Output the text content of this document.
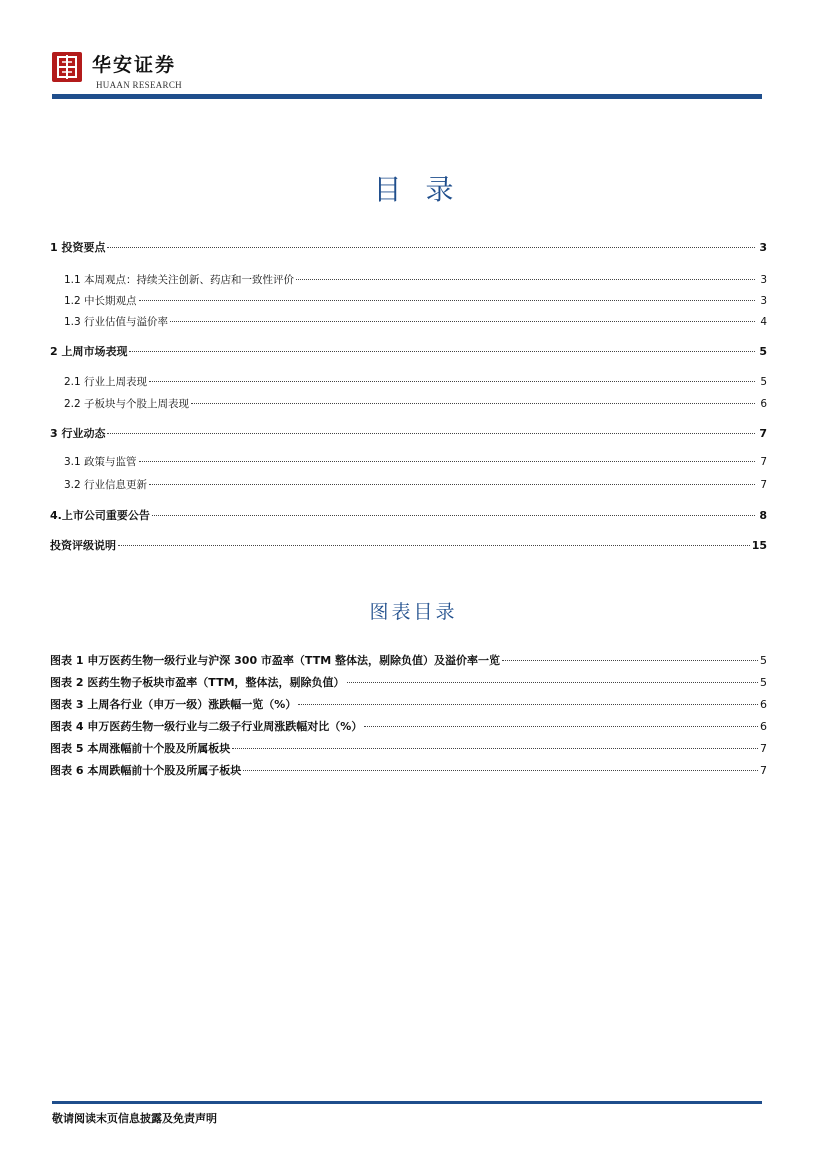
华安证券
HUAAN RESEARCH
目录
1 投资要点	3
1.1 本周观点：持续关注创新、药店和一致性评价	3
1.2 中长期观点	3
1.3 行业估值与溢价率	4
2 上周市场表现	5
2.1 行业上周表现	5
2.2 子板块与个股上周表现	6
3 行业动态	7
3.1 政策与监管	7
3.2 行业信息更新	7
4.上市公司重要公告	8
投资评级说明	15
图表目录
图表 1 申万医药生物一级行业与沪深 300 市盈率（TTM 整体法，剔除负值）及溢价率一览	5
图表 2 医药生物子板块市盈率（TTM，整体法，剔除负值）	5
图表 3 上周各行业（申万一级）涨跌幅一览（%）	6
图表 4 申万医药生物一级行业与二级子行业周涨跌幅对比（%）	6
图表 5 本周涨幅前十个股及所属板块	7
图表 6 本周跌幅前十个股及所属子板块	7
敬请阅读末页信息披露及免责声明
